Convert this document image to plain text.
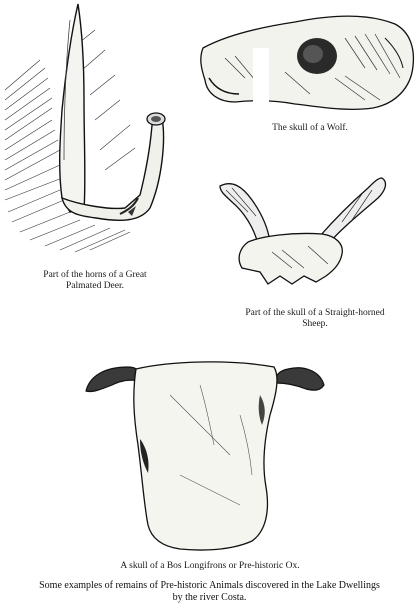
Part of the horns of a Great
Palmated Deer.
The skull of a Wolf.
Part of the skull of a Straight-horned
Sheep.
A skull of a Bos Longifrons or Pre-historic Ox.
Some examples of remains of Pre-historic Animals discovered in the Lake Dwellings
by the river Costa.
